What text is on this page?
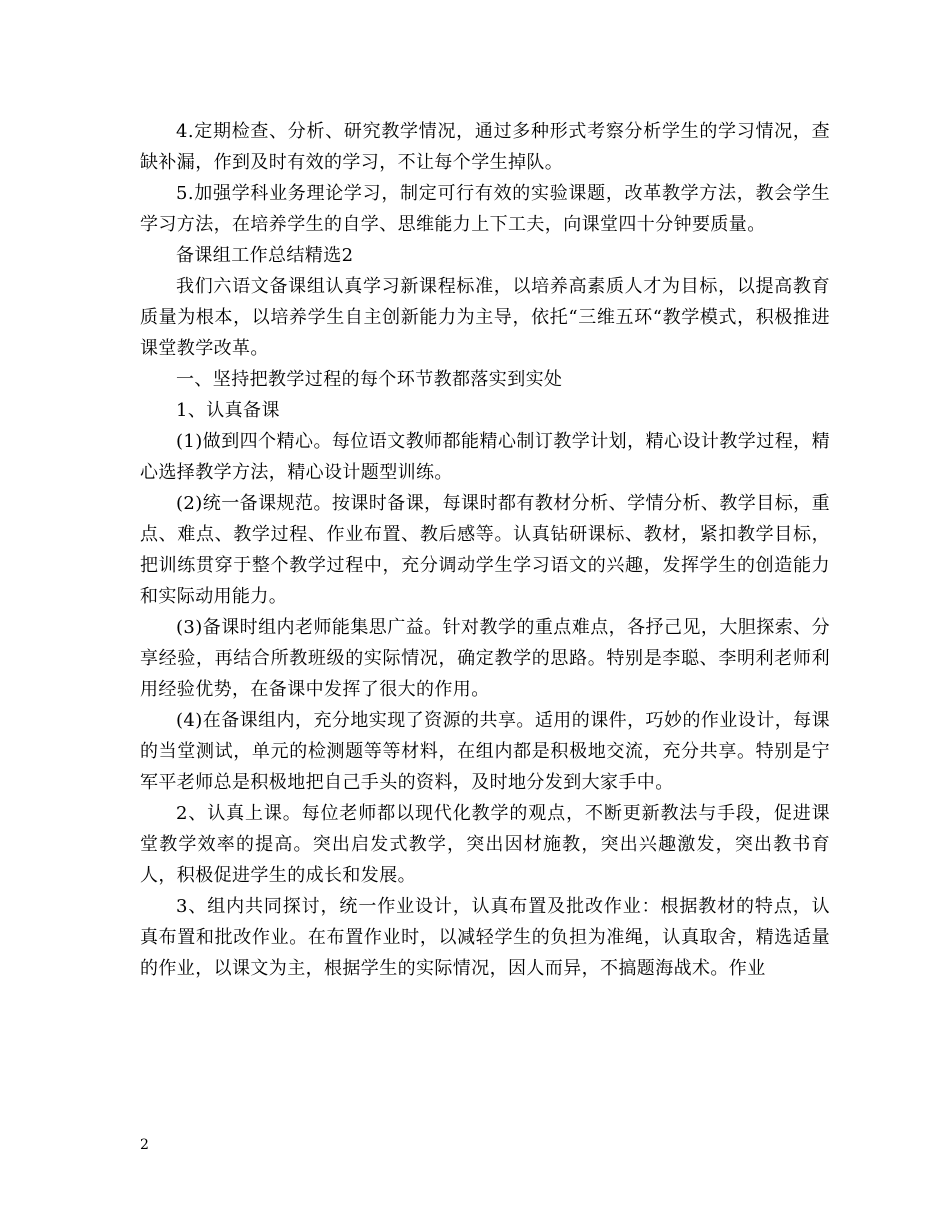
4.定期检查、分析、研究教学情况，通过多种形式考察分析学生的学习情况，查缺补漏，作到及时有效的学习，不让每个学生掉队。

5.加强学科业务理论学习，制定可行有效的实验课题，改革教学方法，教会学生学习方法，在培养学生的自学、思维能力上下工夫，向课堂四十分钟要质量。

备课组工作总结精选2

我们六语文备课组认真学习新课程标准，以培养高素质人才为目标，以提高教育质量为根本，以培养学生自主创新能力为主导，依托“三维五环“教学模式，积极推进课堂教学改革。

一、坚持把教学过程的每个环节教都落实到实处

1、认真备课

(1)做到四个精心。每位语文教师都能精心制订教学计划，精心设计教学过程，精心选择教学方法，精心设计题型训练。

(2)统一备课规范。按课时备课，每课时都有教材分析、学情分析、教学目标，重点、难点、教学过程、作业布置、教后感等。认真钻研课标、教材，紧扣教学目标，把训练贯穿于整个教学过程中，充分调动学生学习语文的兴趣，发挥学生的创造能力和实际动用能力。

(3)备课时组内老师能集思广益。针对教学的重点难点，各抒己见，大胆探索、分享经验，再结合所教班级的实际情况，确定教学的思路。特别是李聪、李明利老师利用经验优势，在备课中发挥了很大的作用。

(4)在备课组内，充分地实现了资源的共享。适用的课件，巧妙的作业设计，每课的当堂测试，单元的检测题等等材料，在组内都是积极地交流，充分共享。特别是宁军平老师总是积极地把自己手头的资料，及时地分发到大家手中。

2、认真上课。每位老师都以现代化教学的观点，不断更新教法与手段，促进课堂教学效率的提高。突出启发式教学，突出因材施教，突出兴趣激发，突出教书育人，积极促进学生的成长和发展。

3、组内共同探讨，统一作业设计，认真布置及批改作业：根据教材的特点，认真布置和批改作业。在布置作业时，以减轻学生的负担为准绳，认真取舍，精选适量的作业，以课文为主，根据学生的实际情况，因人而异，不搞题海战术。作业

2
